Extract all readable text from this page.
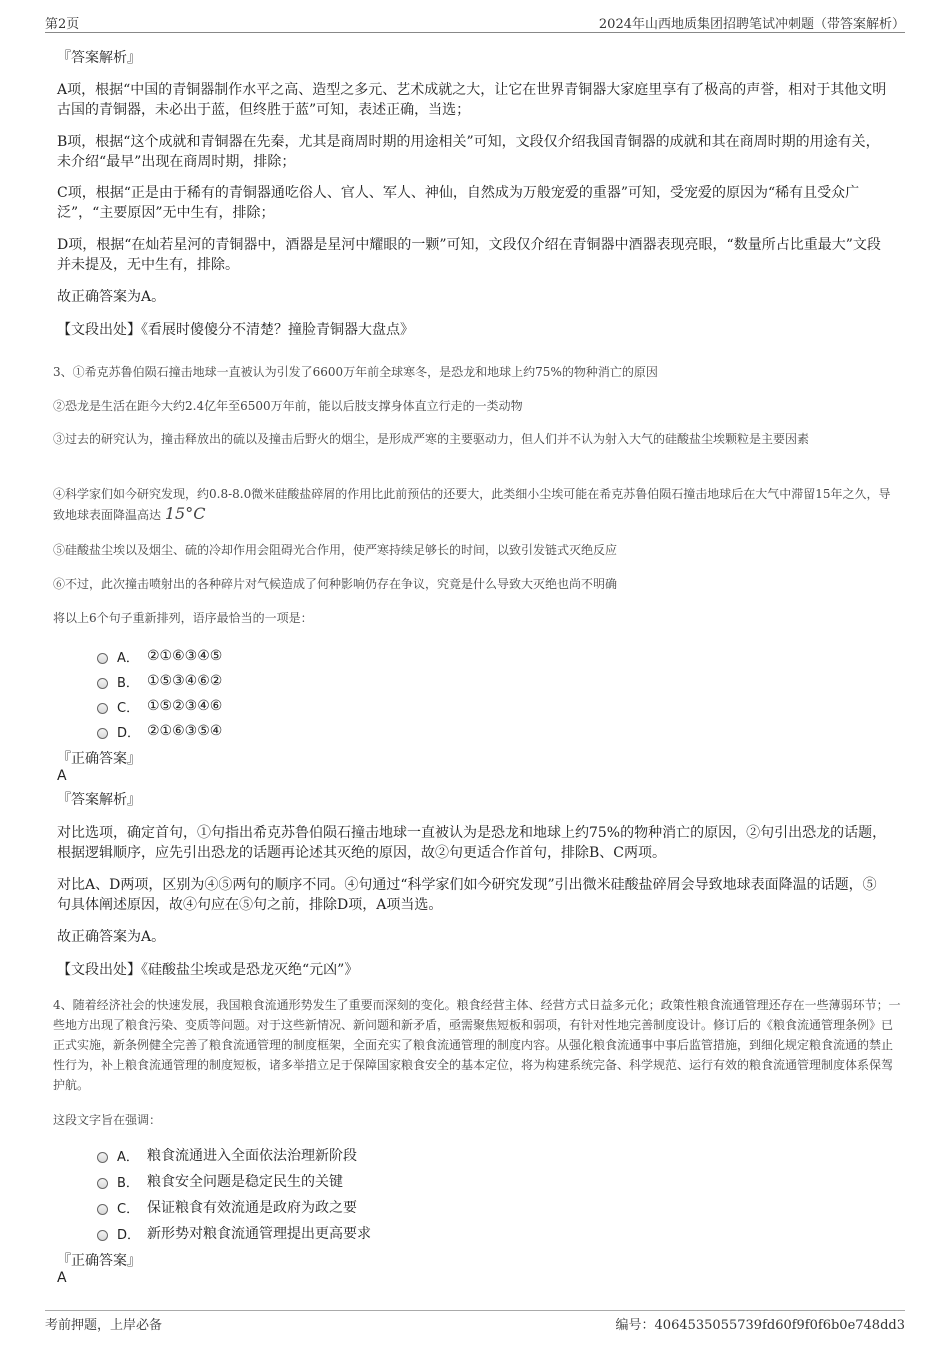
第2页	2024年山西地质集团招聘笔试冲刺题（带答案解析）
『答案解析』
A项，根据“中国的青铜器制作水平之高、造型之多元、艺术成就之大，让它在世界青铜器大家庭里享有了极高的声誉，相对于其他文明古国的青铜器，未必出于蓝，但终胜于蓝”可知，表述正确，当选；
B项，根据“这个成就和青铜器在先秦，尤其是商周时期的用途相关”可知，文段仅介绍我国青铜器的成就和其在商周时期的用途有关，未介绍“最早”出现在商周时期，排除；
C项，根据“正是由于稀有的青铜器通吃俗人、官人、军人、神仙，自然成为万般宠爱的重器”可知，受宠爱的原因为“稀有且受众广泛”，“主要原因”无中生有，排除；
D项，根据“在灿若星河的青铜器中，酒器是星河中耀眼的一颗”可知，文段仅介绍在青铜器中酒器表现亮眼，“数量所占比重最大”文段并未提及，无中生有，排除。
故正确答案为A。
【文段出处】《看展时傻傻分不清楚？撞脸青铜器大盘点》
3、①希克苏鲁伯陨石撞击地球一直被认为引发了6600万年前全球寒冬，是恐龙和地球上约75%的物种消亡的原因
②恐龙是生活在距今大约2.4亿年至6500万年前，能以后肢支撑身体直立行走的一类动物
③过去的研究认为，撞击释放出的硫以及撞击后野火的烟尘，是形成严寒的主要驱动力，但人们并不认为射入大气的硅酸盐尘埃颗粒是主要因素
④科学家们如今研究发现，约0.8-8.0微米硅酸盐碎屑的作用比此前预估的还要大，此类细小尘埃可能在希克苏鲁伯陨石撞击地球后在大气中滞留15年之久，导致地球表面降温高达 15°C
⑤硅酸盐尘埃以及烟尘、硫的冷却作用会阻碍光合作用，使严寒持续足够长的时间，以致引发链式灭绝反应
⑥不过，此次撞击喷射出的各种碎片对气候造成了何种影响仍存在争议，究竟是什么导致大灭绝也尚不明确
将以上6个句子重新排列，语序最恰当的一项是：
A． ②①⑥③④⑤
B． ①⑤③④⑥②
C． ①⑤②③④⑥
D． ②①⑥③⑤④
『正确答案』
A
『答案解析』
对比选项，确定首句，①句指出希克苏鲁伯陨石撞击地球一直被认为是恐龙和地球上约75%的物种消亡的原因，②句引出恐龙的话题，根据逻辑顺序，应先引出恐龙的话题再论述其灭绝的原因，故②句更适合作首句，排除B、C两项。
对比A、D两项，区别为④⑤两句的顺序不同。④句通过“科学家们如今研究发现”引出微米硅酸盐碎屑会导致地球表面降温的话题，⑤句具体阐述原因，故④句应在⑤句之前，排除D项，A项当选。
故正确答案为A。
【文段出处】《硅酸盐尘埃或是恐龙灭绝“元凶”》
4、随着经济社会的快速发展，我国粮食流通形势发生了重要而深刻的变化。粮食经营主体、经营方式日益多元化；政策性粮食流通管理还存在一些薄弱环节；一些地方出现了粮食污染、变质等问题。对于这些新情况、新问题和新矛盾，亟需聚焦短板和弱项，有针对性地完善制度设计。修订后的《粮食流通管理条例》已正式实施，新条例健全完善了粮食流通管理的制度框架，全面充实了粮食流通管理的制度内容。从强化粮食流通事中事后监管措施，到细化规定粮食流通的禁止性行为，补上粮食流通管理的制度短板，诸多举措立足于保障国家粮食安全的基本定位，将为构建系统完备、科学规范、运行有效的粮食流通管理制度体系保驾护航。
这段文字旨在强调：
A． 粮食流通进入全面依法治理新阶段
B． 粮食安全问题是稳定民生的关键
C． 保证粮食有效流通是政府为政之要
D． 新形势对粮食流通管理提出更高要求
『正确答案』
A
考前押题，上岸必备	编号：4064535055739fd60f9f0f6b0e748dd3
